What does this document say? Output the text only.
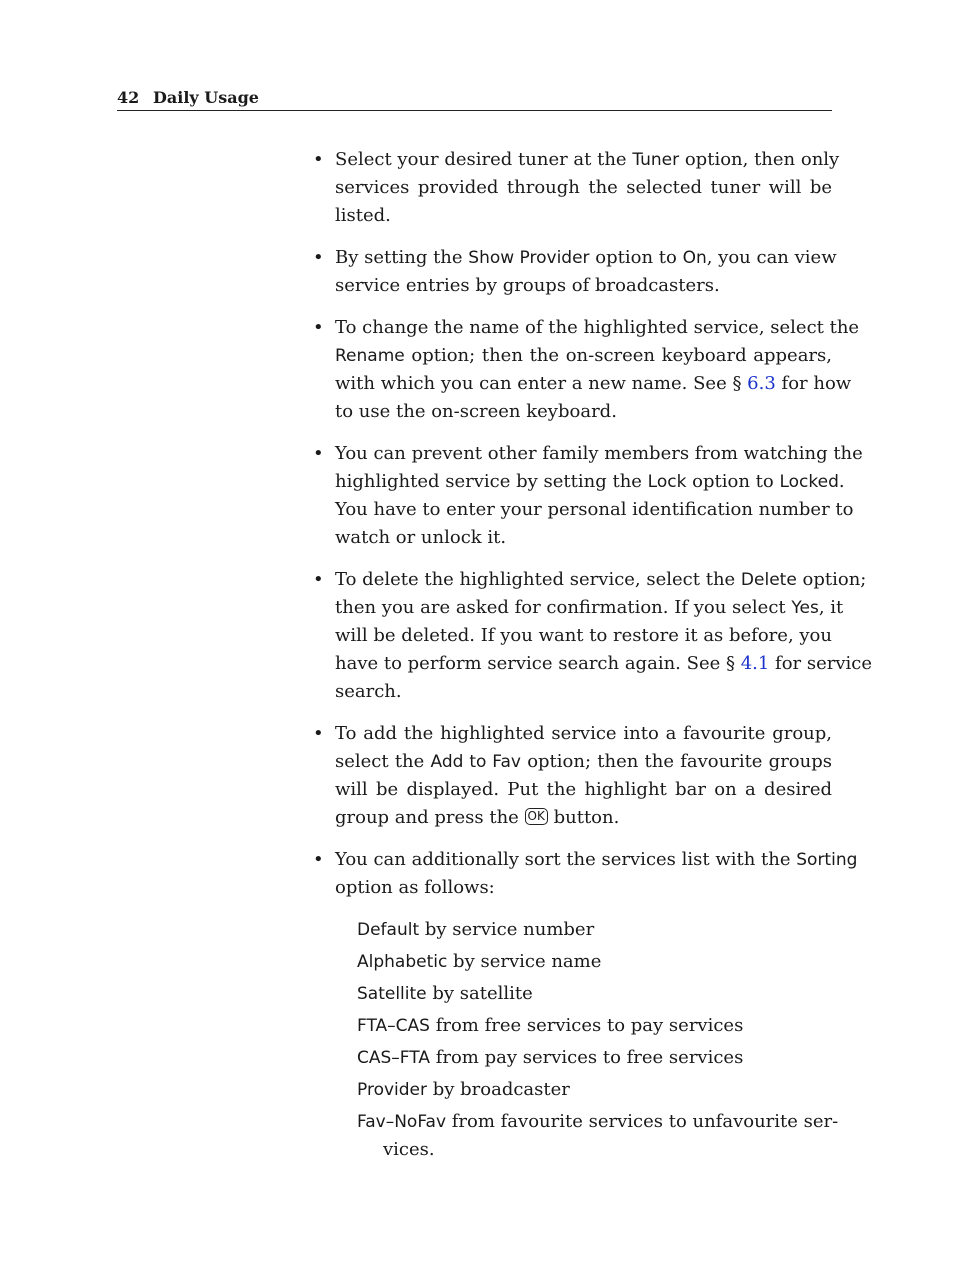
42 Daily Usage
• Select your desired tuner at the Tuner option, then only
services provided through the selected tuner will be
listed.
• By setting the Show Provider option to On, you can view
service entries by groups of broadcasters.
• To change the name of the highlighted service, select the
Rename option; then the on-screen keyboard appears,
with which you can enter a new name. See § 6.3 for how
to use the on-screen keyboard.
• You can prevent other family members from watching the
highlighted service by setting the Lock option to Locked.
You have to enter your personal identification number to
watch or unlock it.
• To delete the highlighted service, select the Delete option;
then you are asked for confirmation. If you select Yes, it
will be deleted. If you want to restore it as before, you
have to perform service search again. See § 4.1 for service
search.
• To add the highlighted service into a favourite group,
select the Add to Fav option; then the favourite groups
will be displayed. Put the highlight bar on a desired
group and press the OK button.
• You can additionally sort the services list with the Sorting
option as follows:
Default by service number
Alphabetic by service name
Satellite by satellite
FTA–CAS from free services to pay services
CAS–FTA from pay services to free services
Provider by broadcaster
Fav–NoFav from favourite services to unfavourite ser-
vices.
